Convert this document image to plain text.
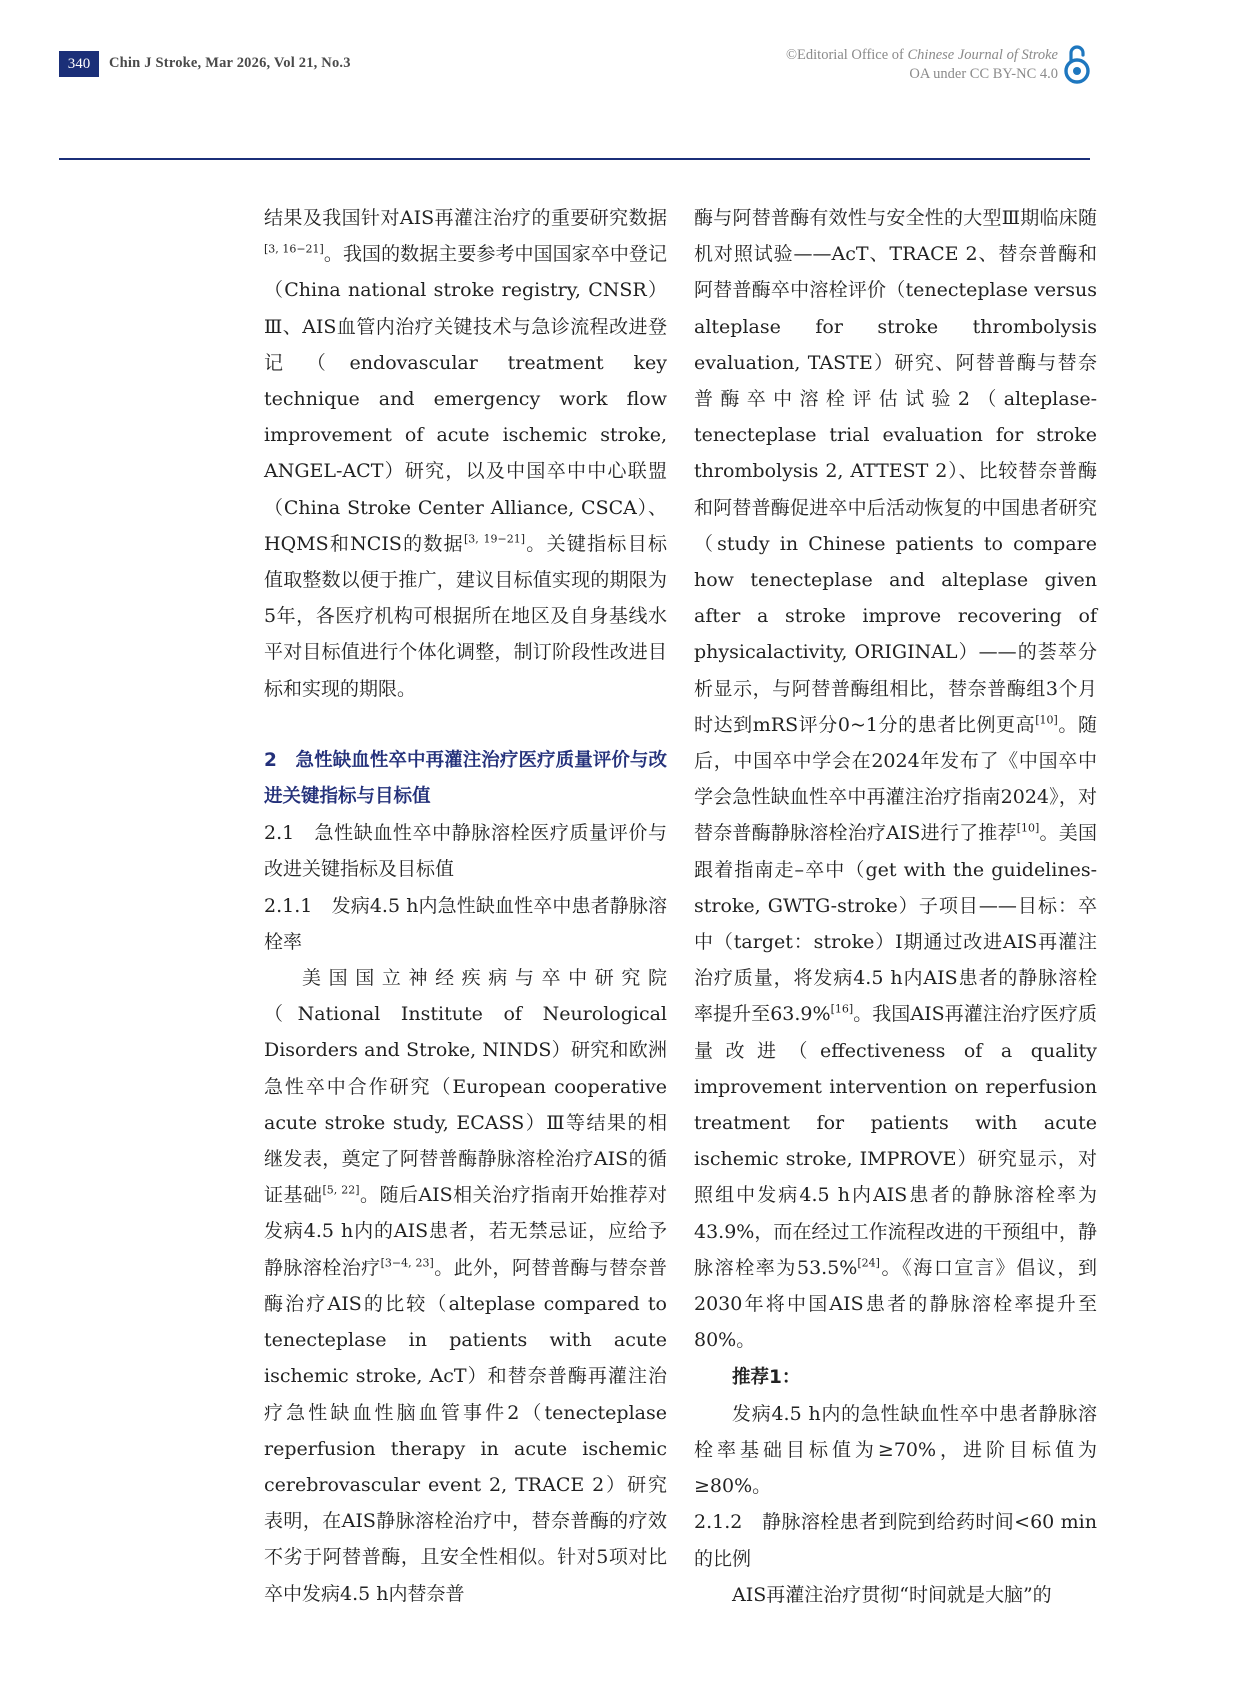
340	Chin J Stroke, Mar 2026, Vol 21, No.3	©Editorial Office of Chinese Journal of Stroke
OA under CC BY-NC 4.0

结果及我国针对AIS再灌注治疗的重要研究数据[3, 16−21]。我国的数据主要参考中国国家卒中登记（China national stroke registry, CNSR）Ⅲ、AIS血管内治疗关键技术与急诊流程改进登记（endovascular treatment key technique and emergency work flow improvement of acute ischemic stroke, ANGEL-ACT）研究，以及中国卒中中心联盟（China Stroke Center Alliance, CSCA）、HQMS和NCIS的数据[3, 19−21]。关键指标目标值取整数以便于推广，建议目标值实现的期限为5年，各医疗机构可根据所在地区及自身基线水平对目标值进行个体化调整，制订阶段性改进目标和实现的期限。

2　急性缺血性卒中再灌注治疗医疗质量评价与改进关键指标与目标值

2.1　急性缺血性卒中静脉溶栓医疗质量评价与改进关键指标及目标值

2.1.1　发病4.5 h内急性缺血性卒中患者静脉溶栓率

美国国立神经疾病与卒中研究院（National Institute of Neurological Disorders and Stroke, NINDS）研究和欧洲急性卒中合作研究（European cooperative acute stroke study, ECASS）Ⅲ等结果的相继发表，奠定了阿替普酶静脉溶栓治疗AIS的循证基础[5, 22]。随后AIS相关治疗指南开始推荐对发病4.5 h内的AIS患者，若无禁忌证，应给予静脉溶栓治疗[3−4, 23]。此外，阿替普酶与替奈普酶治疗AIS的比较（alteplase compared to tenecteplase in patients with acute ischemic stroke, AcT）和替奈普酶再灌注治疗急性缺血性脑血管事件2（tenecteplase reperfusion therapy in acute ischemic cerebrovascular event 2, TRACE 2）研究表明，在AIS静脉溶栓治疗中，替奈普酶的疗效不劣于阿替普酶，且安全性相似。针对5项对比卒中发病4.5 h内替奈普

酶与阿替普酶有效性与安全性的大型Ⅲ期临床随机对照试验——AcT、TRACE 2、替奈普酶和阿替普酶卒中溶栓评价（tenecteplase versus alteplase for stroke thrombolysis evaluation, TASTE）研究、阿替普酶与替奈普酶卒中溶栓评估试验2（alteplase-tenecteplase trial evaluation for stroke thrombolysis 2, ATTEST 2）、比较替奈普酶和阿替普酶促进卒中后活动恢复的中国患者研究（study in Chinese patients to compare how tenecteplase and alteplase given after a stroke improve recovering of physicalactivity, ORIGINAL）——的荟萃分析显示，与阿替普酶组相比，替奈普酶组3个月时达到mRS评分0~1分的患者比例更高[10]。随后，中国卒中学会在2024年发布了《中国卒中学会急性缺血性卒中再灌注治疗指南2024》，对替奈普酶静脉溶栓治疗AIS进行了推荐[10]。美国跟着指南走–卒中（get with the guidelines-stroke, GWTG-stroke）子项目——目标：卒中（target：stroke）Ⅰ期通过改进AIS再灌注治疗质量，将发病4.5 h内AIS患者的静脉溶栓率提升至63.9%[16]。我国AIS再灌注治疗医疗质量改进（effectiveness of a quality improvement intervention on reperfusion treatment for patients with acute ischemic stroke, IMPROVE）研究显示，对照组中发病4.5 h内AIS患者的静脉溶栓率为43.9%，而在经过工作流程改进的干预组中，静脉溶栓率为53.5%[24]。《海口宣言》倡议，到2030年将中国AIS患者的静脉溶栓率提升至80%。

推荐1：

发病4.5 h内的急性缺血性卒中患者静脉溶栓率基础目标值为≥70%，进阶目标值为≥80%。

2.1.2　静脉溶栓患者到院到给药时间<60 min的比例

AIS再灌注治疗贯彻“时间就是大脑”的
